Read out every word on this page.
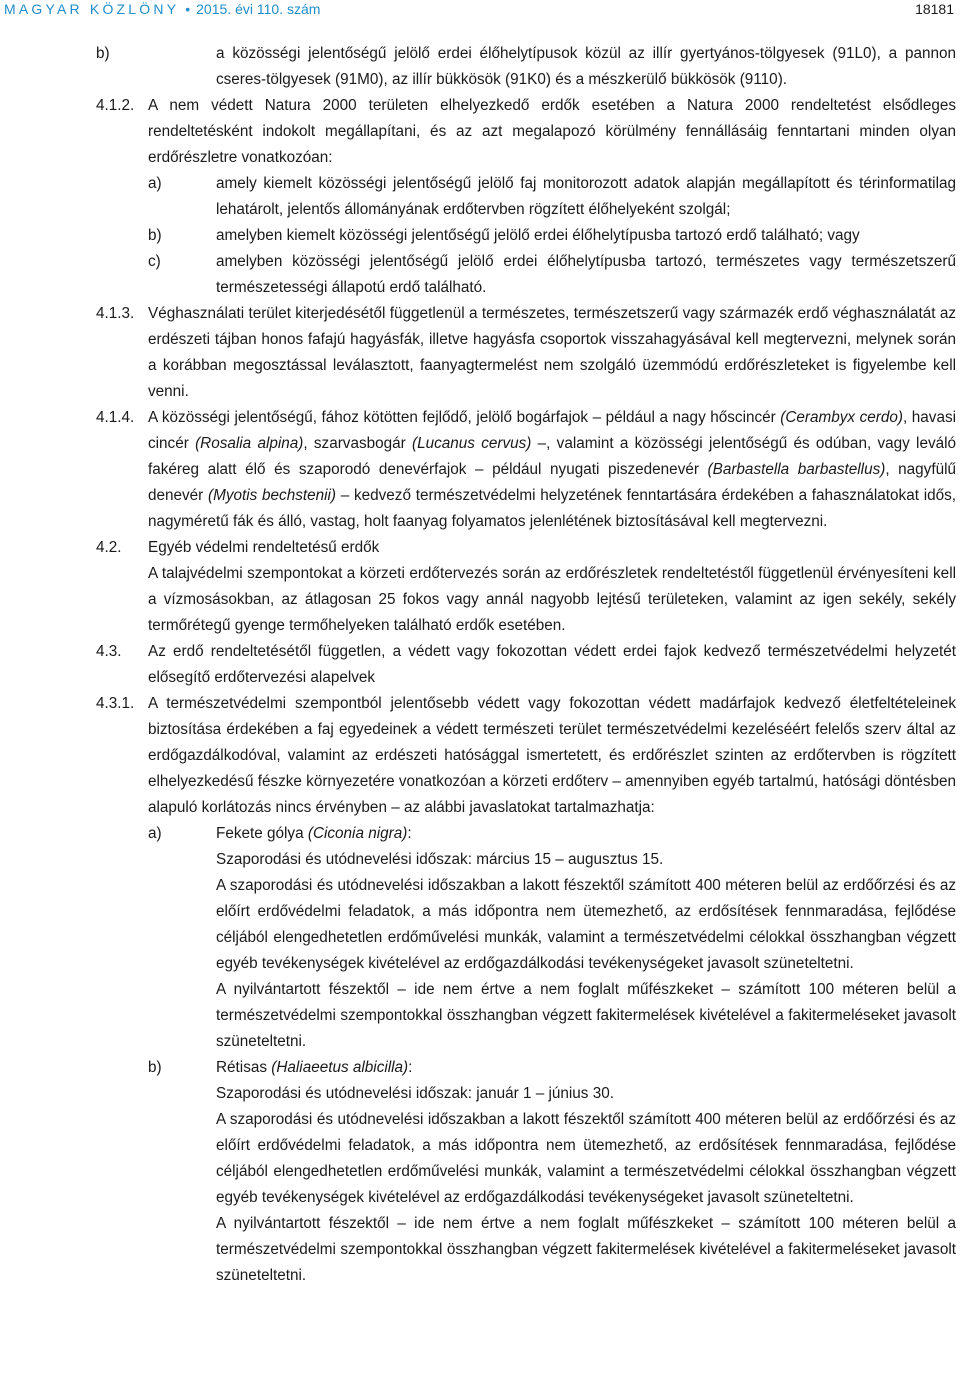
MAGYAR KÖZLÖNY • 2015. évi 110. szám	18181
b)	a közösségi jelentőségű jelölő erdei élőhelytípusok közül az illír gyertyános-tölgyesek (91L0), a pannon cseres-tölgyesek (91M0), az illír bükkösök (91K0) és a mészkerülő bükkösök (9110).
4.1.2. A nem védett Natura 2000 területen elhelyezkedő erdők esetében a Natura 2000 rendeltetést elsődleges rendeltetésként indokolt megállapítani, és az azt megalapozó körülmény fennállásáig fenntartani minden olyan erdőrészletre vonatkozóan:
a)	amely kiemelt közösségi jelentőségű jelölő faj monitorozott adatok alapján megállapított és térinformatilag lehatárolt, jelentős állományának erdőtervben rögzített élőhelyeként szolgál;
b)	amelyben kiemelt közösségi jelentőségű jelölő erdei élőhelytípusba tartozó erdő található; vagy
c)	amelyben közösségi jelentőségű jelölő erdei élőhelytípusba tartozó, természetes vagy természetszerű természetességi állapotú erdő található.
4.1.3. Véghasználati terület kiterjedésétől függetlenül a természetes, természetszerű vagy származék erdő véghasználatát az erdészeti tájban honos fafajú hagyásfák, illetve hagyásfa csoportok visszahagyásával kell megtervezni, melynek során a korábban megosztással leválasztott, faanyagtermelést nem szolgáló üzemmódú erdőrészleteket is figyelembe kell venni.
4.1.4. A közösségi jelentőségű, fához kötötten fejlődő, jelölő bogárfajok – például a nagy hőscincér (Cerambyx cerdo), havasi cincér (Rosalia alpina), szarvasbogár (Lucanus cervus) –, valamint a közösségi jelentőségű és odúban, vagy leváló fakéreg alatt élő és szaporodó denevérfajok – például nyugati piszedenevér (Barbastella barbastellus), nagyfülű denevér (Myotis bechstenii) – kedvező természetvédelmi helyzetének fenntartására érdekében a fahasználatokat idős, nagyméretű fák és álló, vastag, holt faanyag folyamatos jelenlétének biztosításával kell megtervezni.
4.2. Egyéb védelmi rendeltetésű erdők
A talajvédelmi szempontokat a körzeti erdőtervezés során az erdőrészletek rendeltetéstől függetlenül érvényesíteni kell a vízmosásokban, az átlagosan 25 fokos vagy annál nagyobb lejtésű területeken, valamint az igen sekély, sekély termőrétegű gyenge termőhelyeken található erdők esetében.
4.3. Az erdő rendeltetésétől független, a védett vagy fokozottan védett erdei fajok kedvező természetvédelmi helyzetét elősegítő erdőtervezési alapelvek
4.3.1. A természetvédelmi szempontból jelentősebb védett vagy fokozottan védett madárfajok kedvező életfeltételeinek biztosítása érdekében a faj egyedeinek a védett természeti terület természetvédelmi kezeléséért felelős szerv által az erdőgazdálkodóval, valamint az erdészeti hatósággal ismertetett, és erdőrészlet szinten az erdőtervben is rögzített elhelyezkedésű fészke környezetére vonatkozóan a körzeti erdőterv – amennyiben egyéb tartalmú, hatósági döntésben alapuló korlátozás nincs érvényben – az alábbi javaslatokat tartalmazhatja:
a)	Fekete gólya (Ciconia nigra):
Szaporodási és utódnevelési időszak: március 15 – augusztus 15.
A szaporodási és utódnevelési időszakban a lakott fészektől számított 400 méteren belül az erdőőrzési és az előírt erdővédelmi feladatok, a más időpontra nem ütemezhető, az erdősítések fennmaradása, fejlődése céljából elengedhetetlen erdőművelési munkák, valamint a természetvédelmi célokkal összhangban végzett egyéb tevékenységek kivételével az erdőgazdálkodási tevékenységeket javasolt szüneteltetni.
A nyilvántartott fészektől – ide nem értve a nem foglalt műfészkeket – számított 100 méteren belül a természetvédelmi szempontokkal összhangban végzett fakitermelések kivételével a fakitermeléseket javasolt szüneteltetni.
b)	Rétisas (Haliaeetus albicilla):
Szaporodási és utódnevelési időszak: január 1 – június 30.
A szaporodási és utódnevelési időszakban a lakott fészektől számított 400 méteren belül az erdőőrzési és az előírt erdővédelmi feladatok, a más időpontra nem ütemezhető, az erdősítések fennmaradása, fejlődése céljából elengedhetetlen erdőművelési munkák, valamint a természetvédelmi célokkal összhangban végzett egyéb tevékenységek kivételével az erdőgazdálkodási tevékenységeket javasolt szüneteltetni.
A nyilvántartott fészektől – ide nem értve a nem foglalt műfészkeket – számított 100 méteren belül a természetvédelmi szempontokkal összhangban végzett fakitermelések kivételével a fakitermeléseket javasolt szüneteltetni.
